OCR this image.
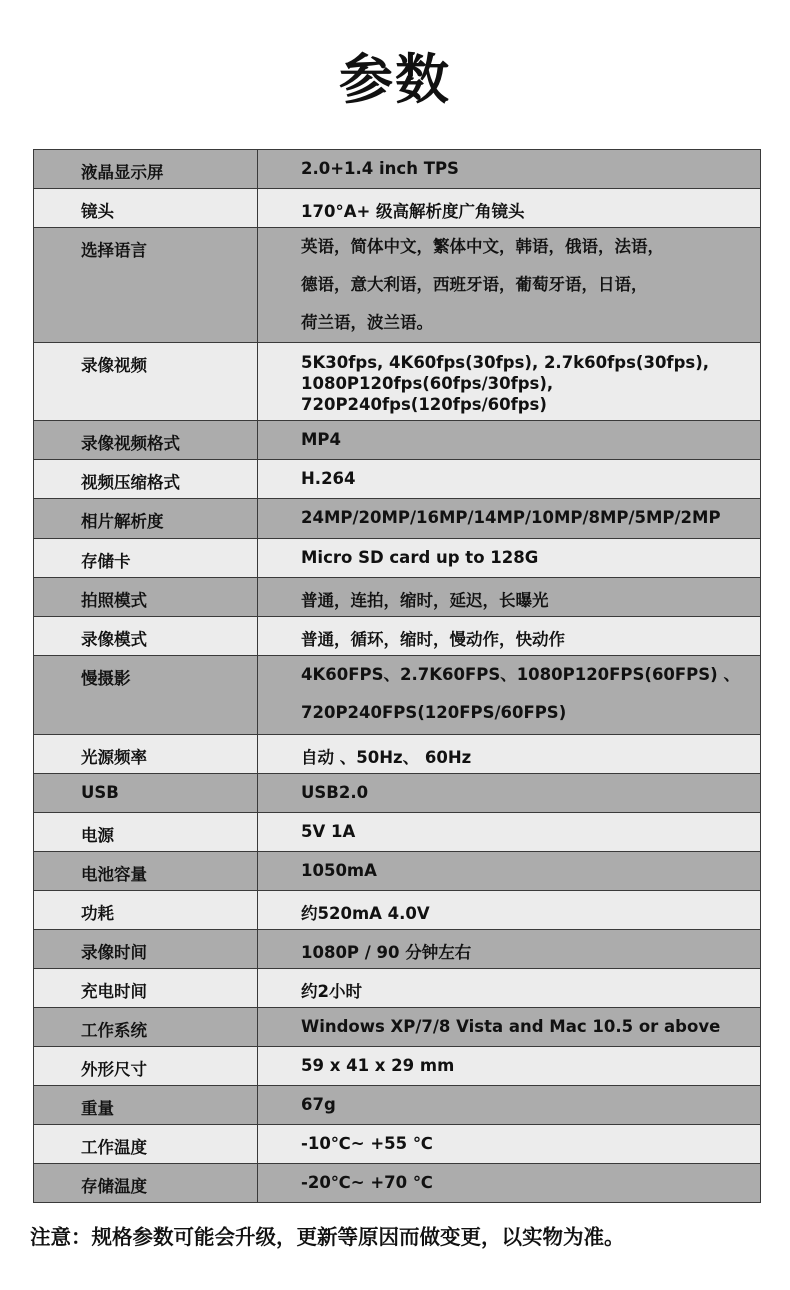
参数
液晶显示屏	2.0+1.4 inch TPS

镜头	170°A+ 级高解析度广角镜头

选择语言	英语，简体中文，繁体中文，韩语，俄语，法语，
德语，意大利语，西班牙语，葡萄牙语，日语，
荷兰语，波兰语。

录像视频	5K30fps, 4K60fps(30fps), 2.7k60fps(30fps),
1080P120fps(60fps/30fps),
720P240fps(120fps/60fps)

录像视频格式	MP4

视频压缩格式	H.264

相片解析度	24MP/20MP/16MP/14MP/10MP/8MP/5MP/2MP

存储卡	Micro SD card up to 128G

拍照模式	普通，连拍，缩时，延迟，长曝光

录像模式	普通，循环，缩时，慢动作，快动作

慢摄影	4K60FPS、2.7K60FPS、1080P120FPS(60FPS) 、
720P240FPS(120FPS/60FPS)

光源频率	自动 、50Hz、 60Hz

USB	USB2.0

电源	5V 1A

电池容量	1050mA

功耗	约520mA 4.0V

录像时间	1080P / 90 分钟左右

充电时间	约2小时

工作系统	Windows XP/7/8 Vista and Mac 10.5 or above

外形尺寸	59 x 41 x 29 mm

重量	67g

工作温度	-10℃~ +55 ℃

存储温度	-20℃~ +70 ℃
注意：规格参数可能会升级，更新等原因而做变更，以实物为准。
